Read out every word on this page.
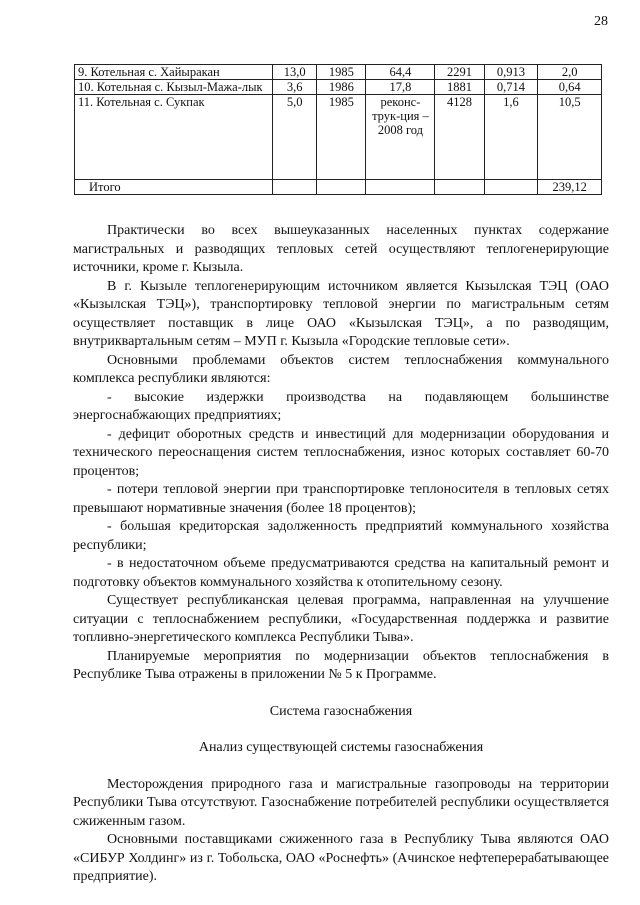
28
9. Котельная с. Хайыракан	13,0	1985	64,4	2291	0,913	2,0
10. Котельная с. Кызыл-Мажа-лык	3,6	1986	17,8	1881	0,714	0,64
11. Котельная с. Сукпак	5,0	1985	реконс-трук-ция – 2008 год	4128	1,6	10,5
Итого						239,12

Практически во всех вышеуказанных населенных пунктах содержание магистральных и разводящих тепловых сетей осуществляют теплогенерирующие источники, кроме г. Кызыла.

В г. Кызыле теплогенерирующим источником является Кызылская ТЭЦ (ОАО «Кызылская ТЭЦ»), транспортировку тепловой энергии по магистральным сетям осуществляет поставщик в лице ОАО «Кызылская ТЭЦ», а по разводящим, внутриквартальным сетям – МУП г. Кызыла «Городские тепловые сети».

Основными проблемами объектов систем теплоснабжения коммунального комплекса республики являются:

- высокие издержки производства на подавляющем большинстве энергоснабжающих предприятиях;

- дефицит оборотных средств и инвестиций для модернизации оборудования и технического переоснащения систем теплоснабжения, износ которых составляет 60-70 процентов;

- потери тепловой энергии при транспортировке теплоносителя в тепловых сетях превышают нормативные значения (более 18 процентов);

- большая кредиторская задолженность предприятий коммунального хозяйства республики;

- в недостаточном объеме предусматриваются средства на капитальный ремонт и подготовку объектов коммунального хозяйства к отопительному сезону.

Существует республиканская целевая программа, направленная на улучшение ситуации с теплоснабжением республики, «Государственная поддержка и развитие топливно-энергетического комплекса Республики Тыва».

Планируемые мероприятия по модернизации объектов теплоснабжения в Республике Тыва отражены в приложении № 5 к Программе.

Система газоснабжения
Анализ существующей системы газоснабжения

Месторождения природного газа и магистральные газопроводы на территории Республики Тыва отсутствуют. Газоснабжение потребителей республики осуществляется сжиженным газом.

Основными поставщиками сжиженного газа в Республику Тыва являются ОАО «СИБУР Холдинг» из г. Тобольска, ОАО «Роснефть» (Ачинское нефтеперерабатывающее предприятие).
